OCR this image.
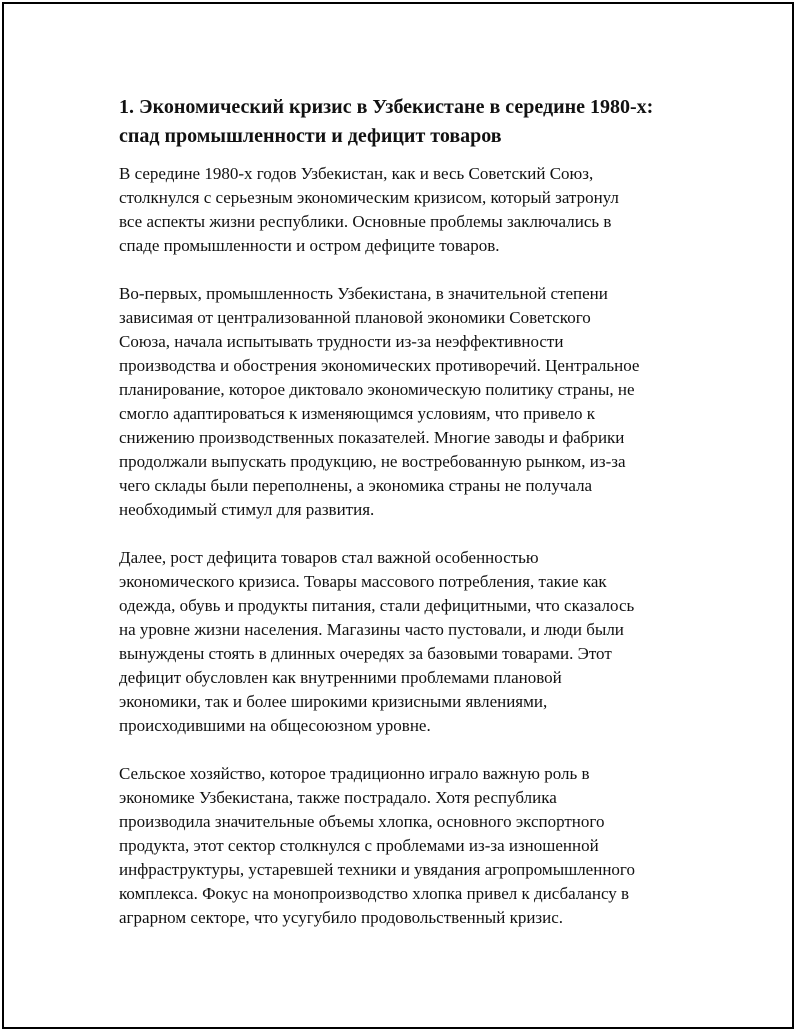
1. Экономический кризис в Узбекистане в середине 1980-х:
спад промышленности и дефицит товаров

В середине 1980-х годов Узбекистан, как и весь Советский Союз,
столкнулся с серьезным экономическим кризисом, который затронул
все аспекты жизни республики. Основные проблемы заключались в
спаде промышленности и остром дефиците товаров.

Во-первых, промышленность Узбекистана, в значительной степени
зависимая от централизованной плановой экономики Советского
Союза, начала испытывать трудности из-за неэффективности
производства и обострения экономических противоречий. Центральное
планирование, которое диктовало экономическую политику страны, не
смогло адаптироваться к изменяющимся условиям, что привело к
снижению производственных показателей. Многие заводы и фабрики
продолжали выпускать продукцию, не востребованную рынком, из-за
чего склады были переполнены, а экономика страны не получала
необходимый стимул для развития.

Далее, рост дефицита товаров стал важной особенностью
экономического кризиса. Товары массового потребления, такие как
одежда, обувь и продукты питания, стали дефицитными, что сказалось
на уровне жизни населения. Магазины часто пустовали, и люди были
вынуждены стоять в длинных очередях за базовыми товарами. Этот
дефицит обусловлен как внутренними проблемами плановой
экономики, так и более широкими кризисными явлениями,
происходившими на общесоюзном уровне.

Сельское хозяйство, которое традиционно играло важную роль в
экономике Узбекистана, также пострадало. Хотя республика
производила значительные объемы хлопка, основного экспортного
продукта, этот сектор столкнулся с проблемами из-за изношенной
инфраструктуры, устаревшей техники и увядания агропромышленного
комплекса. Фокус на монопроизводство хлопка привел к дисбалансу в
аграрном секторе, что усугубило продовольственный кризис.
